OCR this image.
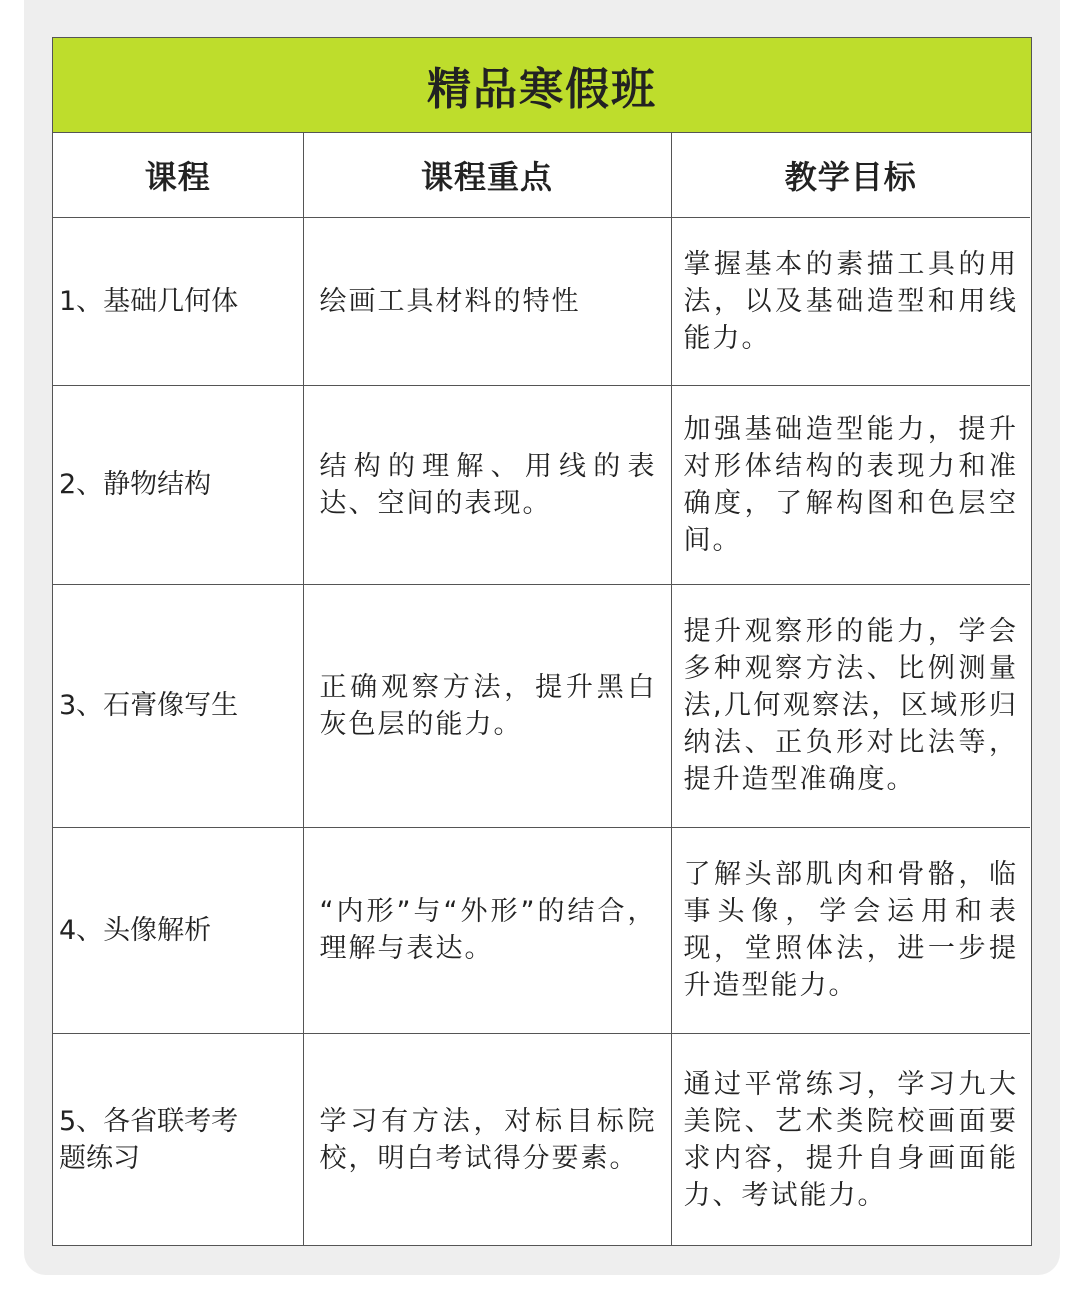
精品寒假班
课程	课程重点	教学目标
1、基础几何体	绘画工具材料的特性	掌握基本的素描工具的用法，以及基础造型和用线能力。
2、静物结构	结构的理解、用线的表达、空间的表现。	加强基础造型能力，提升对形体结构的表现力和准确度，了解构图和色层空间。
3、石膏像写生	正确观察方法，提升黑白灰色层的能力。	提升观察形的能力，学会多种观察方法、比例测量法,几何观察法，区域形归纳法、正负形对比法等，提升造型准确度。
4、头像解析	“内形”与“外形”的结合，理解与表达。	了解头部肌肉和骨骼，临事头像，学会运用和表现，堂照体法，进一步提升造型能力。
5、各省联考考题练习	学习有方法，对标目标院校，明白考试得分要素。	通过平常练习，学习九大美院、艺术类院校画面要求内容，提升自身画面能力、考试能力。
